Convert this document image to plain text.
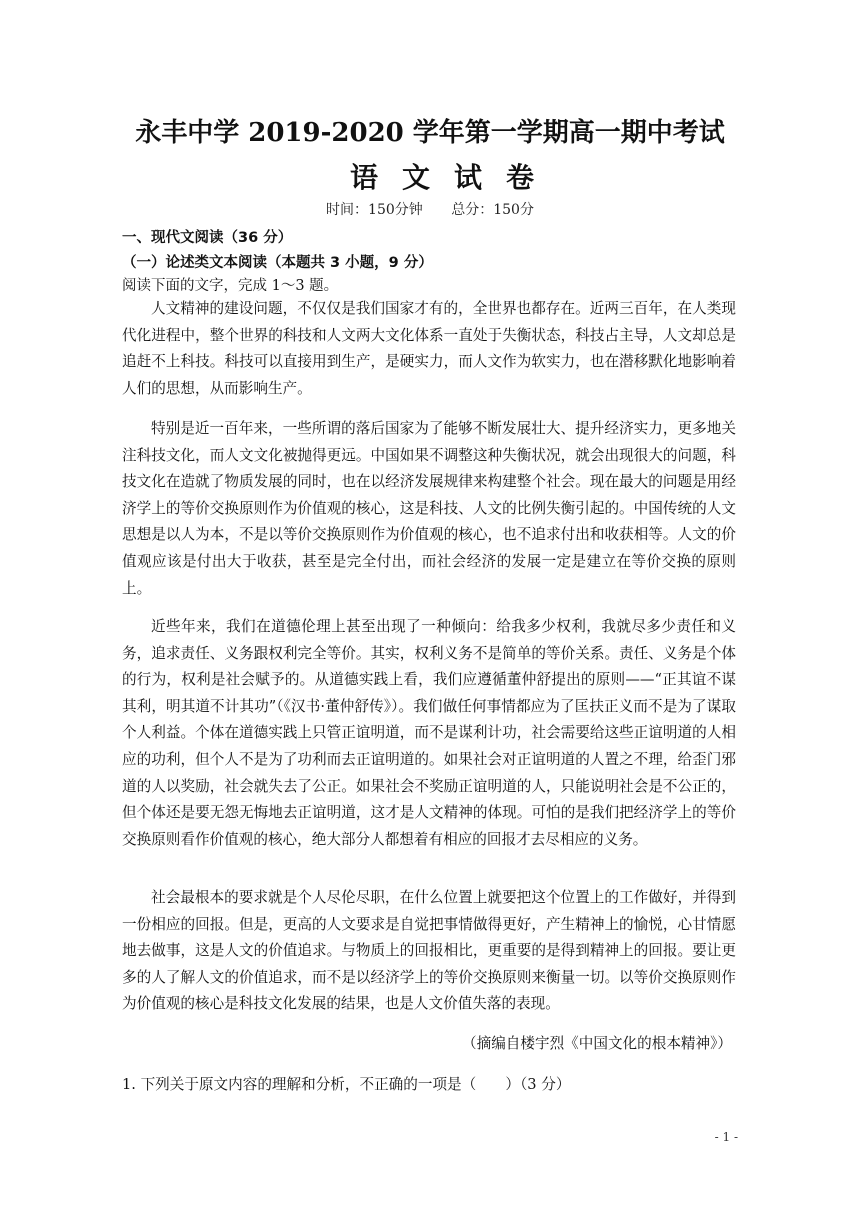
永丰中学 2019-2020 学年第一学期高一期中考试
语文试卷
时间：150分钟 总分：150分
一、现代文阅读（36 分）
（一）论述类文本阅读（本题共 3 小题，9 分）
阅读下面的文字，完成 1～3 题。
人文精神的建设问题，不仅仅是我们国家才有的，全世界也都存在。近两三百年，在人类现代化进程中，整个世界的科技和人文两大文化体系一直处于失衡状态，科技占主导，人文却总是追赶不上科技。科技可以直接用到生产，是硬实力，而人文作为软实力，也在潜移默化地影响着人们的思想，从而影响生产。
特别是近一百年来，一些所谓的落后国家为了能够不断发展壮大、提升经济实力，更多地关注科技文化，而人文文化被抛得更远。中国如果不调整这种失衡状况，就会出现很大的问题，科技文化在造就了物质发展的同时，也在以经济发展规律来构建整个社会。现在最大的问题是用经济学上的等价交换原则作为价值观的核心，这是科技、人文的比例失衡引起的。中国传统的人文思想是以人为本，不是以等价交换原则作为价值观的核心，也不追求付出和收获相等。人文的价值观应该是付出大于收获，甚至是完全付出，而社会经济的发展一定是建立在等价交换的原则上。
近些年来，我们在道德伦理上甚至出现了一种倾向：给我多少权利，我就尽多少责任和义务，追求责任、义务跟权利完全等价。其实，权利义务不是简单的等价关系。责任、义务是个体的行为，权利是社会赋予的。从道德实践上看，我们应遵循董仲舒提出的原则——“正其谊不谋其利，明其道不计其功”（《汉书·董仲舒传》）。我们做任何事情都应为了匡扶正义而不是为了谋取个人利益。个体在道德实践上只管正谊明道，而不是谋利计功，社会需要给这些正谊明道的人相应的功利，但个人不是为了功利而去正谊明道的。如果社会对正谊明道的人置之不理，给歪门邪道的人以奖励，社会就失去了公正。如果社会不奖励正谊明道的人，只能说明社会是不公正的，但个体还是要无怨无悔地去正谊明道，这才是人文精神的体现。可怕的是我们把经济学上的等价交换原则看作价值观的核心，绝大部分人都想着有相应的回报才去尽相应的义务。
社会最根本的要求就是个人尽伦尽职，在什么位置上就要把这个位置上的工作做好，并得到一份相应的回报。但是，更高的人文要求是自觉把事情做得更好，产生精神上的愉悦，心甘情愿地去做事，这是人文的价值追求。与物质上的回报相比，更重要的是得到精神上的回报。要让更多的人了解人文的价值追求，而不是以经济学上的等价交换原则来衡量一切。以等价交换原则作为价值观的核心是科技文化发展的结果，也是人文价值失落的表现。
（摘编自楼宇烈《中国文化的根本精神》）
1. 下列关于原文内容的理解和分析，不正确的一项是（　　）（3 分）
- 1 -
